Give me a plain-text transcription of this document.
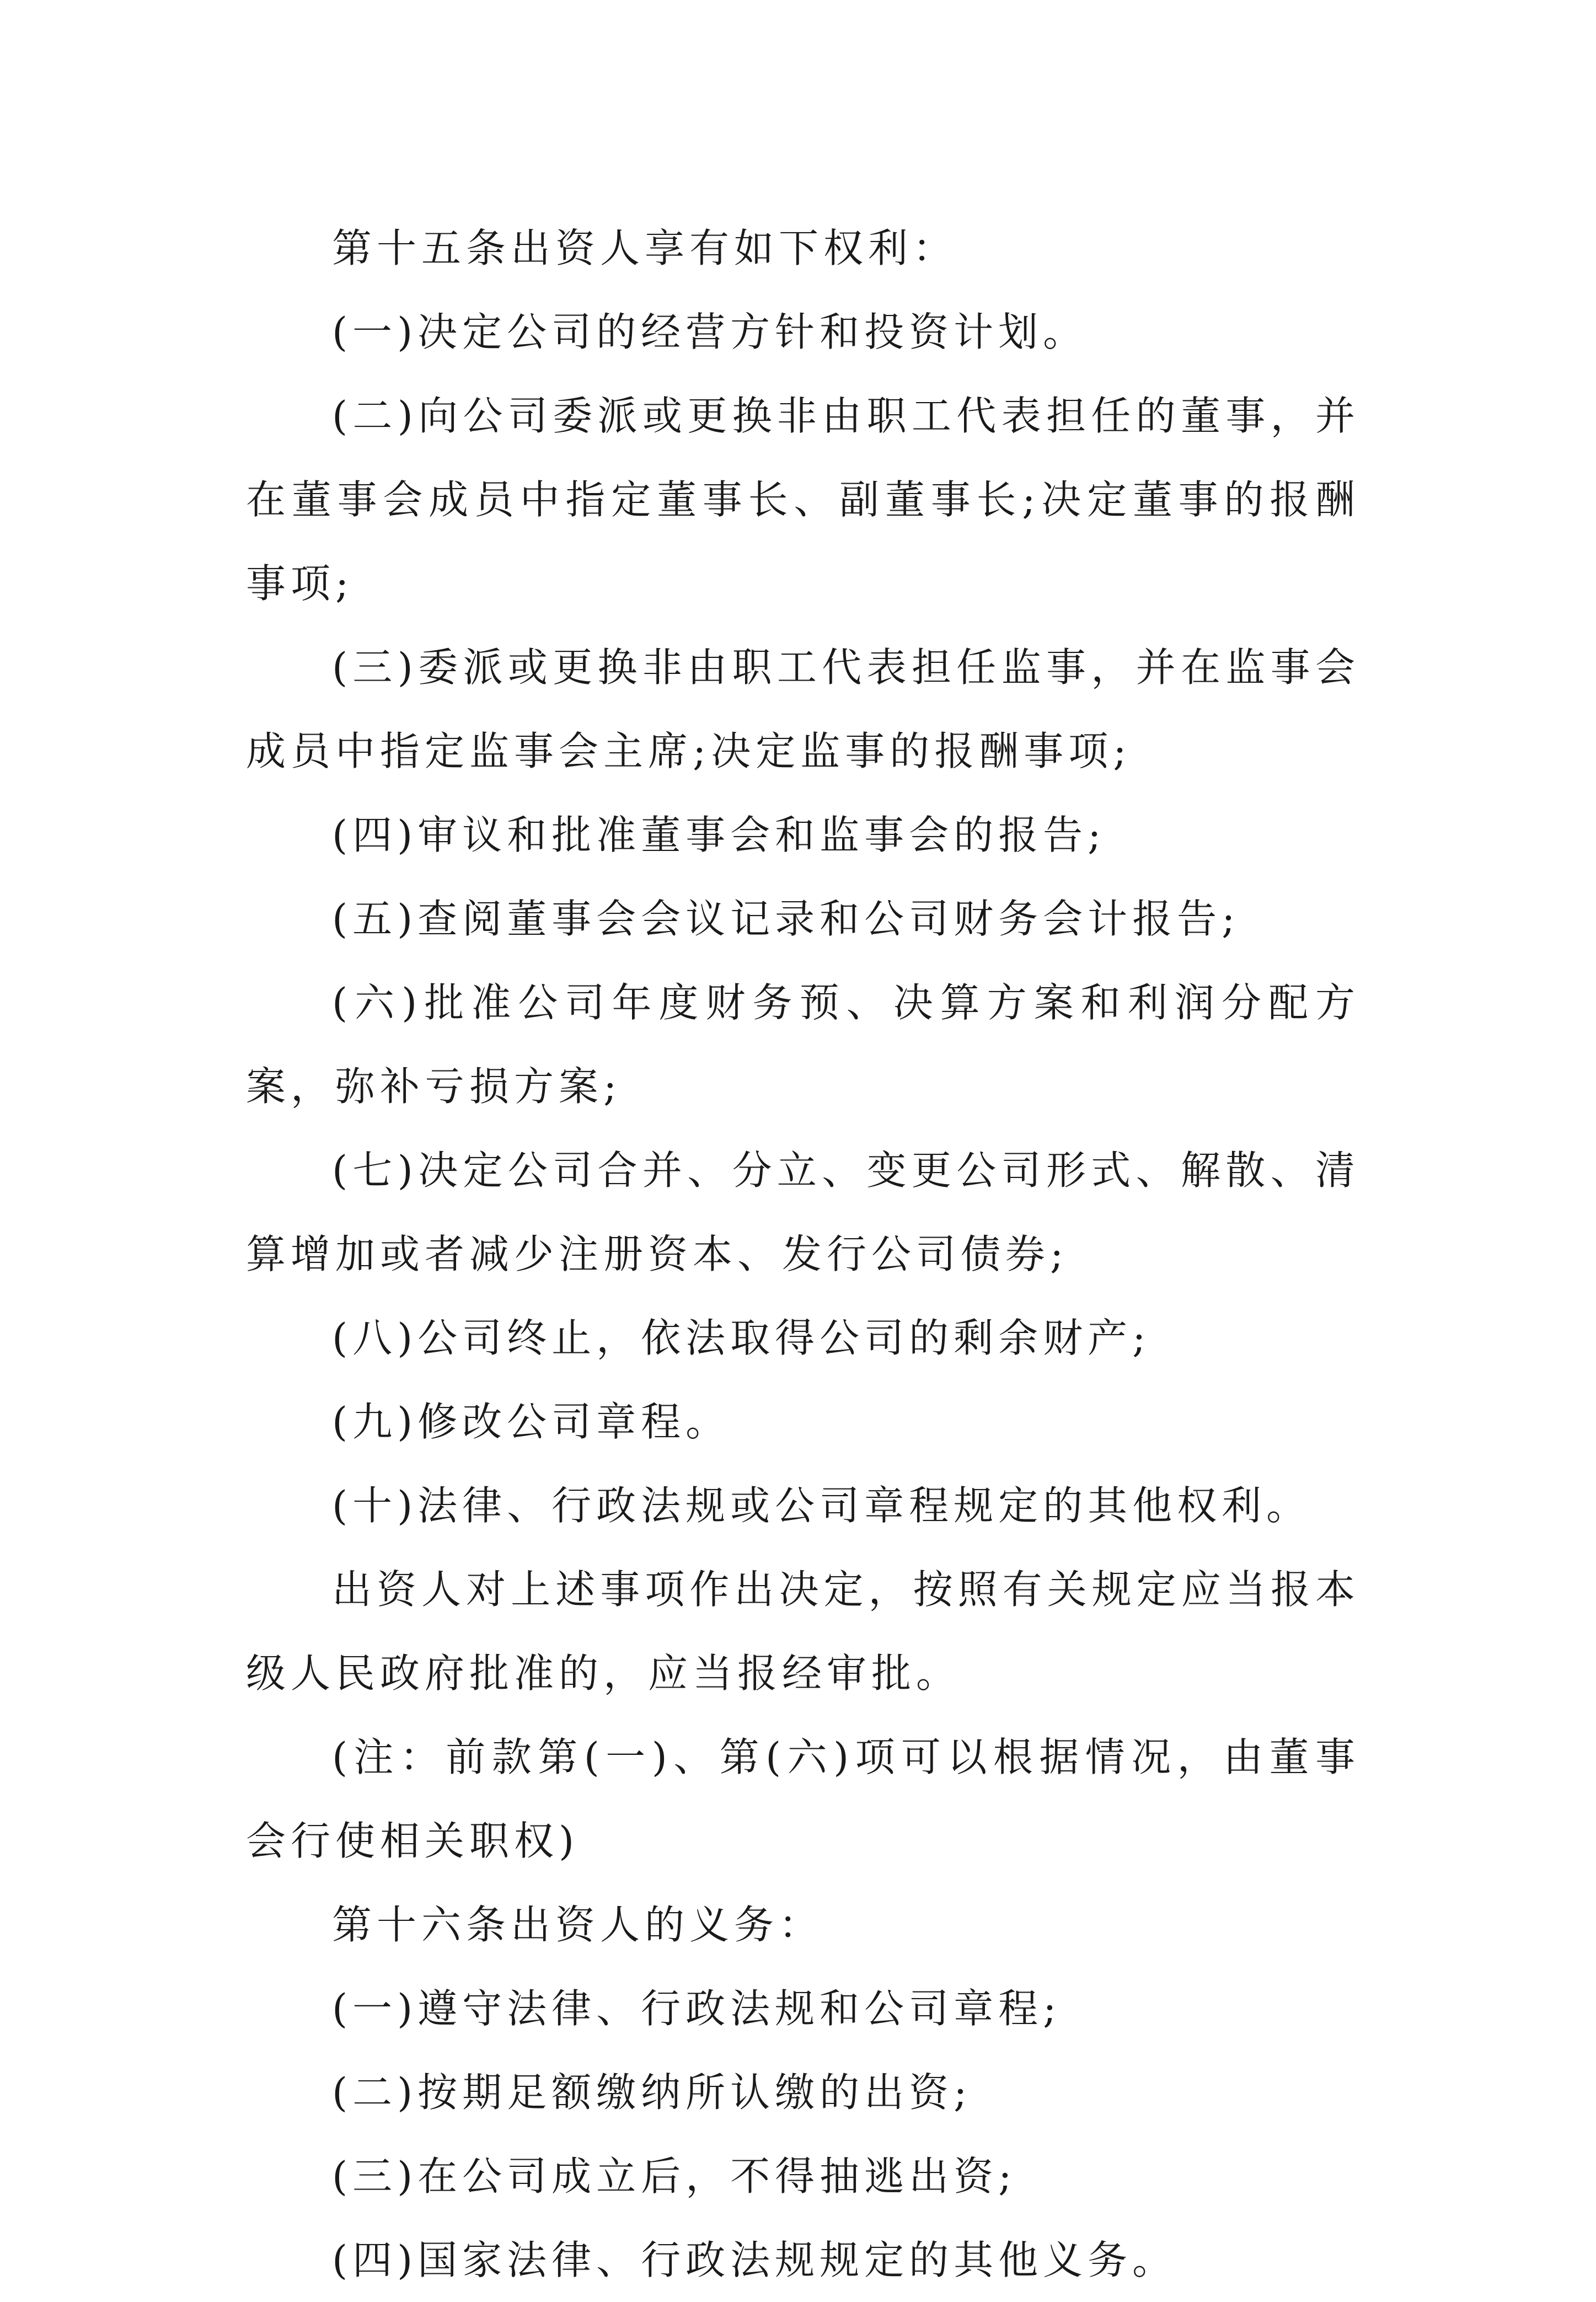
第十五条出资人享有如下权利：

(一)决定公司的经营方针和投资计划。

(二)向公司委派或更换非由职工代表担任的董事，并在董事会成员中指定董事长、副董事长;决定董事的报酬事项;

(三)委派或更换非由职工代表担任监事，并在监事会成员中指定监事会主席;决定监事的报酬事项;

(四)审议和批准董事会和监事会的报告;

(五)查阅董事会会议记录和公司财务会计报告;

(六)批准公司年度财务预、决算方案和利润分配方案，弥补亏损方案;

(七)决定公司合并、分立、变更公司形式、解散、清算增加或者减少注册资本、发行公司债券;

(八)公司终止，依法取得公司的剩余财产;

(九)修改公司章程。

(十)法律、行政法规或公司章程规定的其他权利。

出资人对上述事项作出决定，按照有关规定应当报本级人民政府批准的，应当报经审批。

(注：前款第(一)、第(六)项可以根据情况，由董事会行使相关职权)

第十六条出资人的义务：

(一)遵守法律、行政法规和公司章程;

(二)按期足额缴纳所认缴的出资;

(三)在公司成立后，不得抽逃出资;

(四)国家法律、行政法规规定的其他义务。
